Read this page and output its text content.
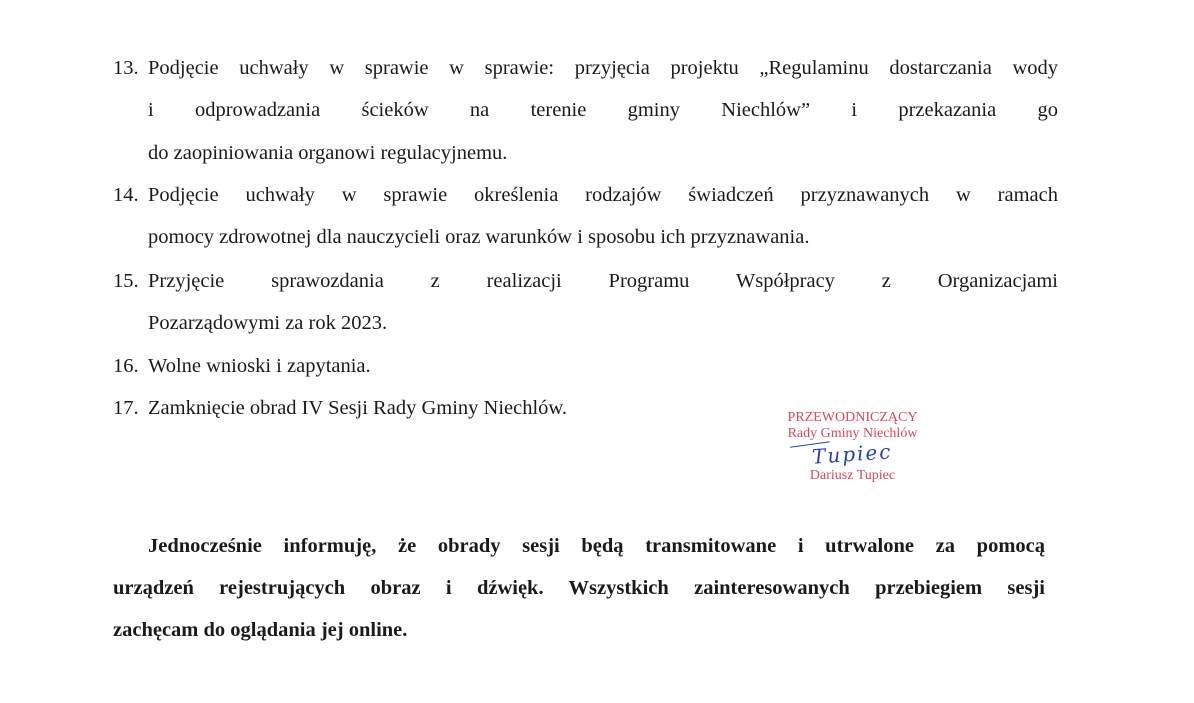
13. Podjęcie uchwały w sprawie w sprawie: przyjęcia projektu „Regulaminu dostarczania wody
i odprowadzania ścieków na terenie gminy Niechlów” i przekazania go
do zaopiniowania organowi regulacyjnemu.
14. Podjęcie uchwały w sprawie określenia rodzajów świadczeń przyznawanych w ramach
pomocy zdrowotnej dla nauczycieli oraz warunków i sposobu ich przyznawania.
15. Przyjęcie sprawozdania z realizacji Programu Współpracy z Organizacjami
Pozarządowymi za rok 2023.
16. Wolne wnioski i zapytania.
17. Zamknięcie obrad IV Sesji Rady Gminy Niechlów.	PRZEWODNICZĄCY
Rady Gminy Niechlów
Tupiec
Dariusz Tupiec
Jednocześnie informuję, że obrady sesji będą transmitowane i utrwalone za pomocą
urządzeń rejestrujących obraz i dźwięk. Wszystkich zainteresowanych przebiegiem sesji
zachęcam do oglądania jej online.
